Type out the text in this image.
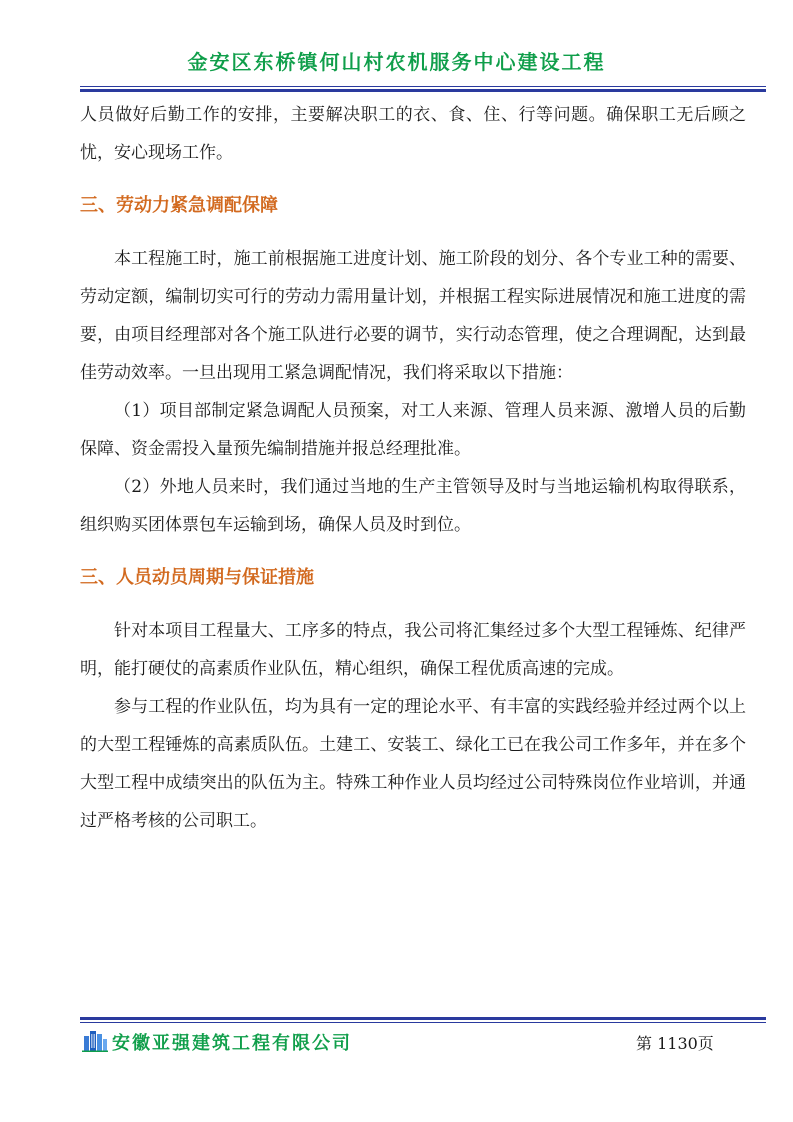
金安区东桥镇何山村农机服务中心建设工程

人员做好后勤工作的安排，主要解决职工的衣、食、住、行等问题。确保职工无后顾之忧，安心现场工作。

三、劳动力紧急调配保障

本工程施工时，施工前根据施工进度计划、施工阶段的划分、各个专业工种的需要、劳动定额，编制切实可行的劳动力需用量计划，并根据工程实际进展情况和施工进度的需要，由项目经理部对各个施工队进行必要的调节，实行动态管理，使之合理调配，达到最佳劳动效率。一旦出现用工紧急调配情况，我们将采取以下措施：

（1）项目部制定紧急调配人员预案，对工人来源、管理人员来源、激增人员的后勤保障、资金需投入量预先编制措施并报总经理批准。

（2）外地人员来时，我们通过当地的生产主管领导及时与当地运输机构取得联系，组织购买团体票包车运输到场，确保人员及时到位。

三、人员动员周期与保证措施

针对本项目工程量大、工序多的特点，我公司将汇集经过多个大型工程锤炼、纪律严明，能打硬仗的高素质作业队伍，精心组织，确保工程优质高速的完成。

参与工程的作业队伍，均为具有一定的理论水平、有丰富的实践经验并经过两个以上的大型工程锤炼的高素质队伍。土建工、安装工、绿化工已在我公司工作多年，并在多个大型工程中成绩突出的队伍为主。特殊工种作业人员均经过公司特殊岗位作业培训，并通过严格考核的公司职工。

安徽亚强建筑工程有限公司	第 1130页
